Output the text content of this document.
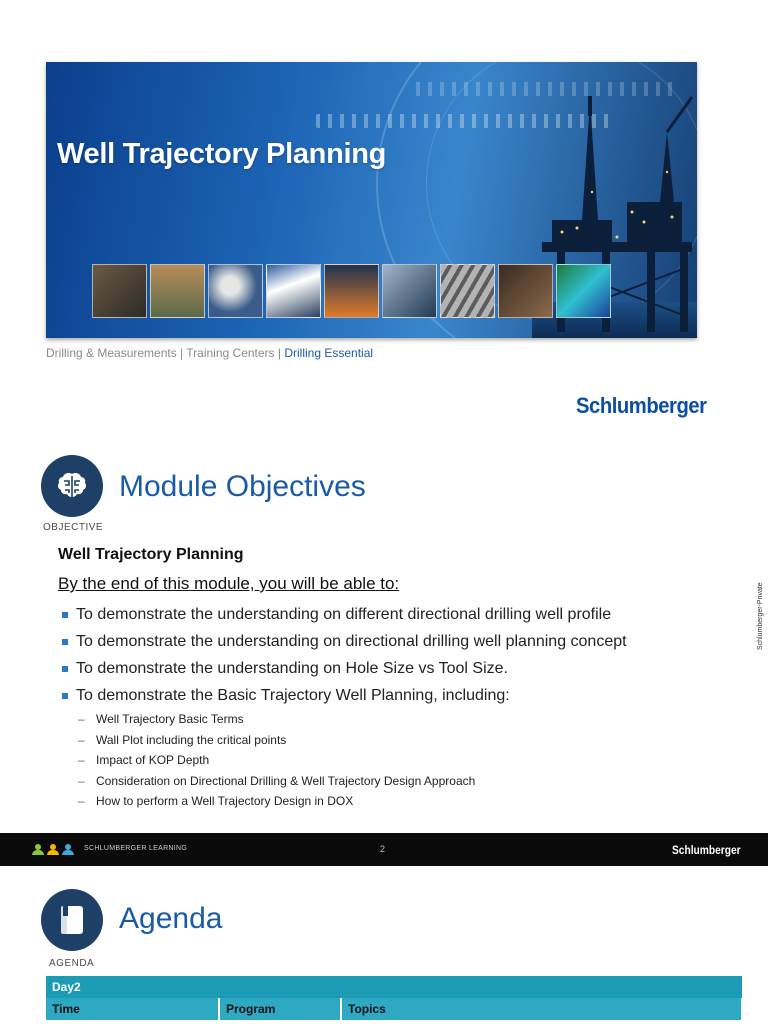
Well Trajectory Planning
Drilling & Measurements | Training Centers | Drilling Essential
Schlumberger
OBJECTIVE
Module Objectives
Well Trajectory Planning
By the end of this module, you will be able to:
To demonstrate the understanding on different directional drilling well profile
To demonstrate the understanding on directional drilling well planning concept
To demonstrate the understanding on Hole Size vs Tool Size.
To demonstrate the Basic Trajectory Well Planning, including:
– Well Trajectory Basic Terms
– Wall Plot including the critical points
– Impact of KOP Depth
– Consideration on Directional Drilling & Well Trajectory Design Approach
– How to perform a Well Trajectory Design in DOX
Schlumberger-Private
SCHLUMBERGER LEARNING	2	Schlumberger
AGENDA
Agenda
Day2
Time	Program	Topics
